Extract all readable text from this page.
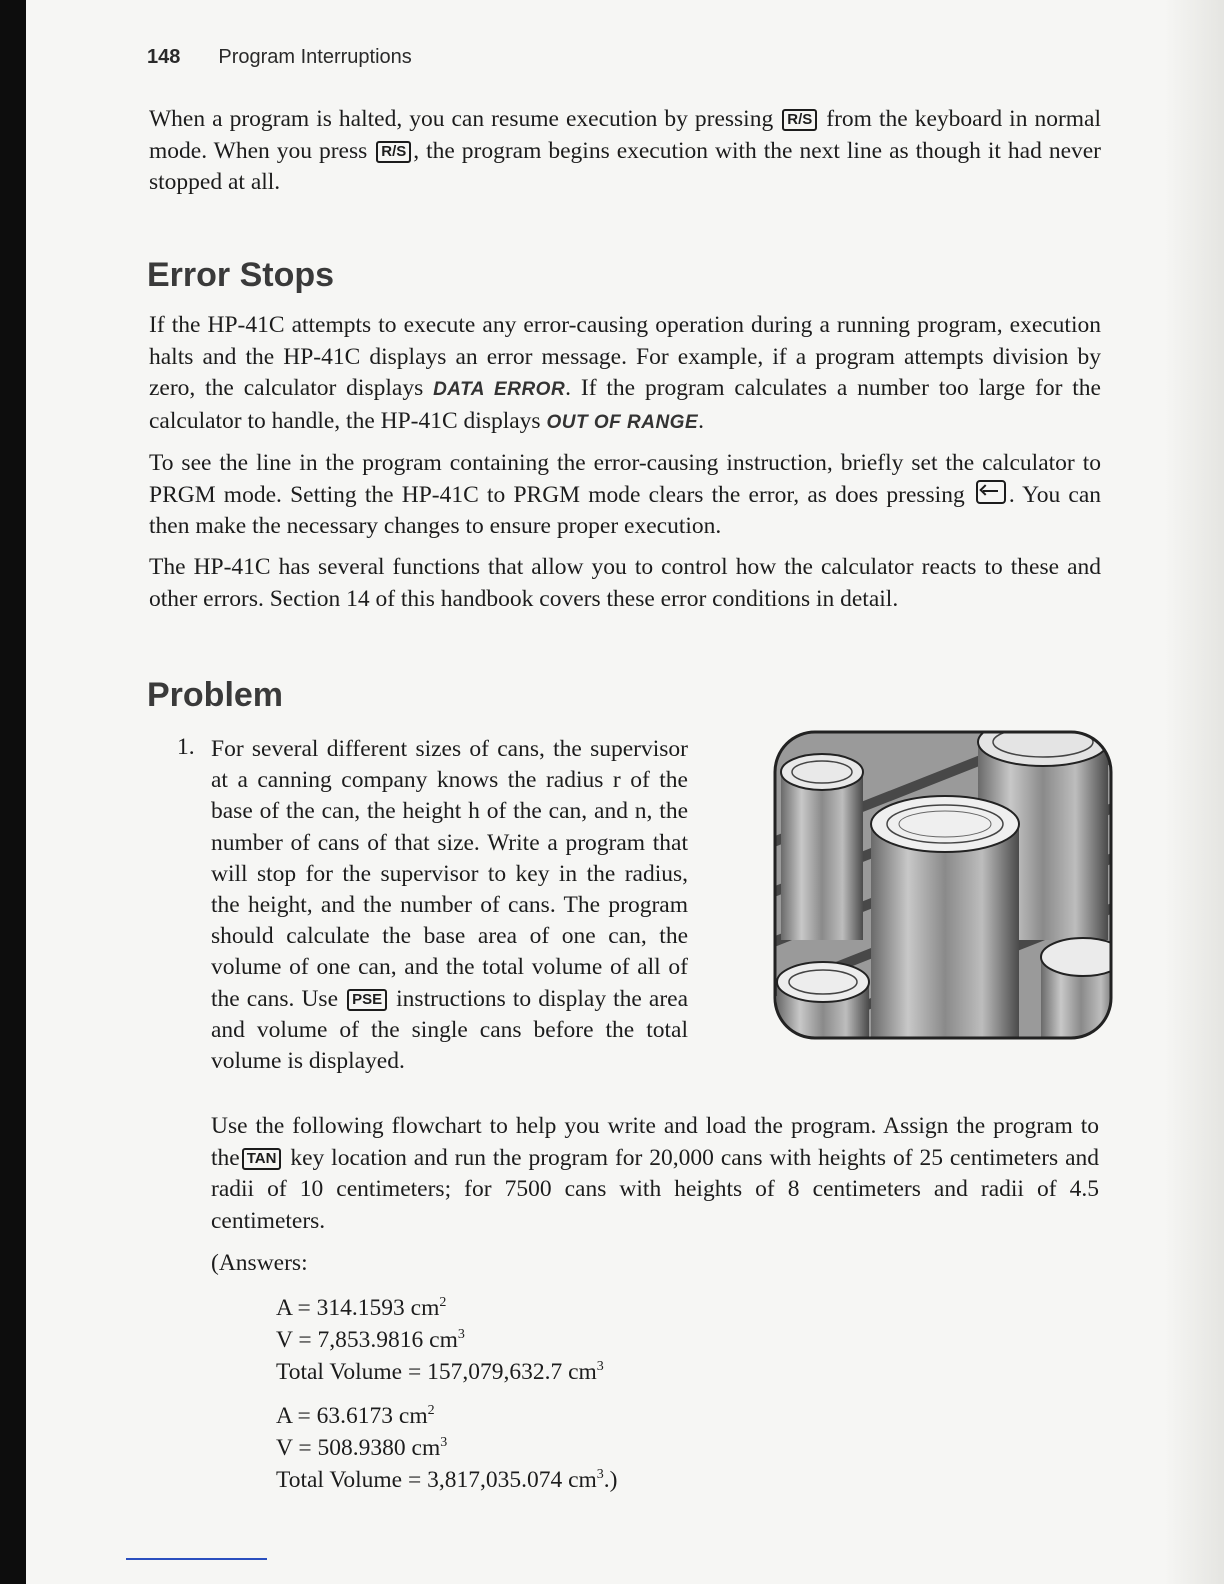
148 Program Interruptions

When a program is halted, you can resume execution by pressing R/S from the keyboard in normal mode. When you press R/S , the program begins execution with the next line as though it had never stopped at all.

Error Stops

If the HP-41C attempts to execute any error-causing operation during a running program, execution halts and the HP-41C displays an error message. For example, if a program attempts division by zero, the calculator displays DATA ERROR. If the program calculates a number too large for the calculator to handle, the HP-41C displays OUT OF RANGE.

To see the line in the program containing the error-causing instruction, briefly set the calculator to PRGM mode. Setting the HP-41C to PRGM mode clears the error, as does pressing . You can then make the necessary changes to ensure proper execution.

The HP-41C has several functions that allow you to control how the calculator reacts to these and other errors. Section 14 of this handbook covers these error conditions in detail.

Problem
1. For several different sizes of cans, the supervisor at a canning company knows the radius r of the base of the can, the height h of the can, and n, the number of cans of that size. Write a program that will stop for the supervisor to key in the radius, the height, and the number of cans. The program should calculate the base area of one can, the volume of one can, and the total volume of all of the cans. Use PSE instructions to display the area and volume of the single cans before the total volume is displayed.

Use the following flowchart to help you write and load the program. Assign the program to the TAN key location and run the program for 20,000 cans with heights of 25 centimeters and radii of 10 centimeters; for 7500 cans with heights of 8 centimeters and radii of 4.5 centimeters.

(Answers:
A = 314.1593 $cm^2$
V = 7,853.9816 $cm^3$
Total Volume = 157,079,632.7 $cm^3$
A = 63.6173 $cm^2$
V = 508.9380 $cm^3$
Total Volume = 3,817,035.074 $cm^3$.)
